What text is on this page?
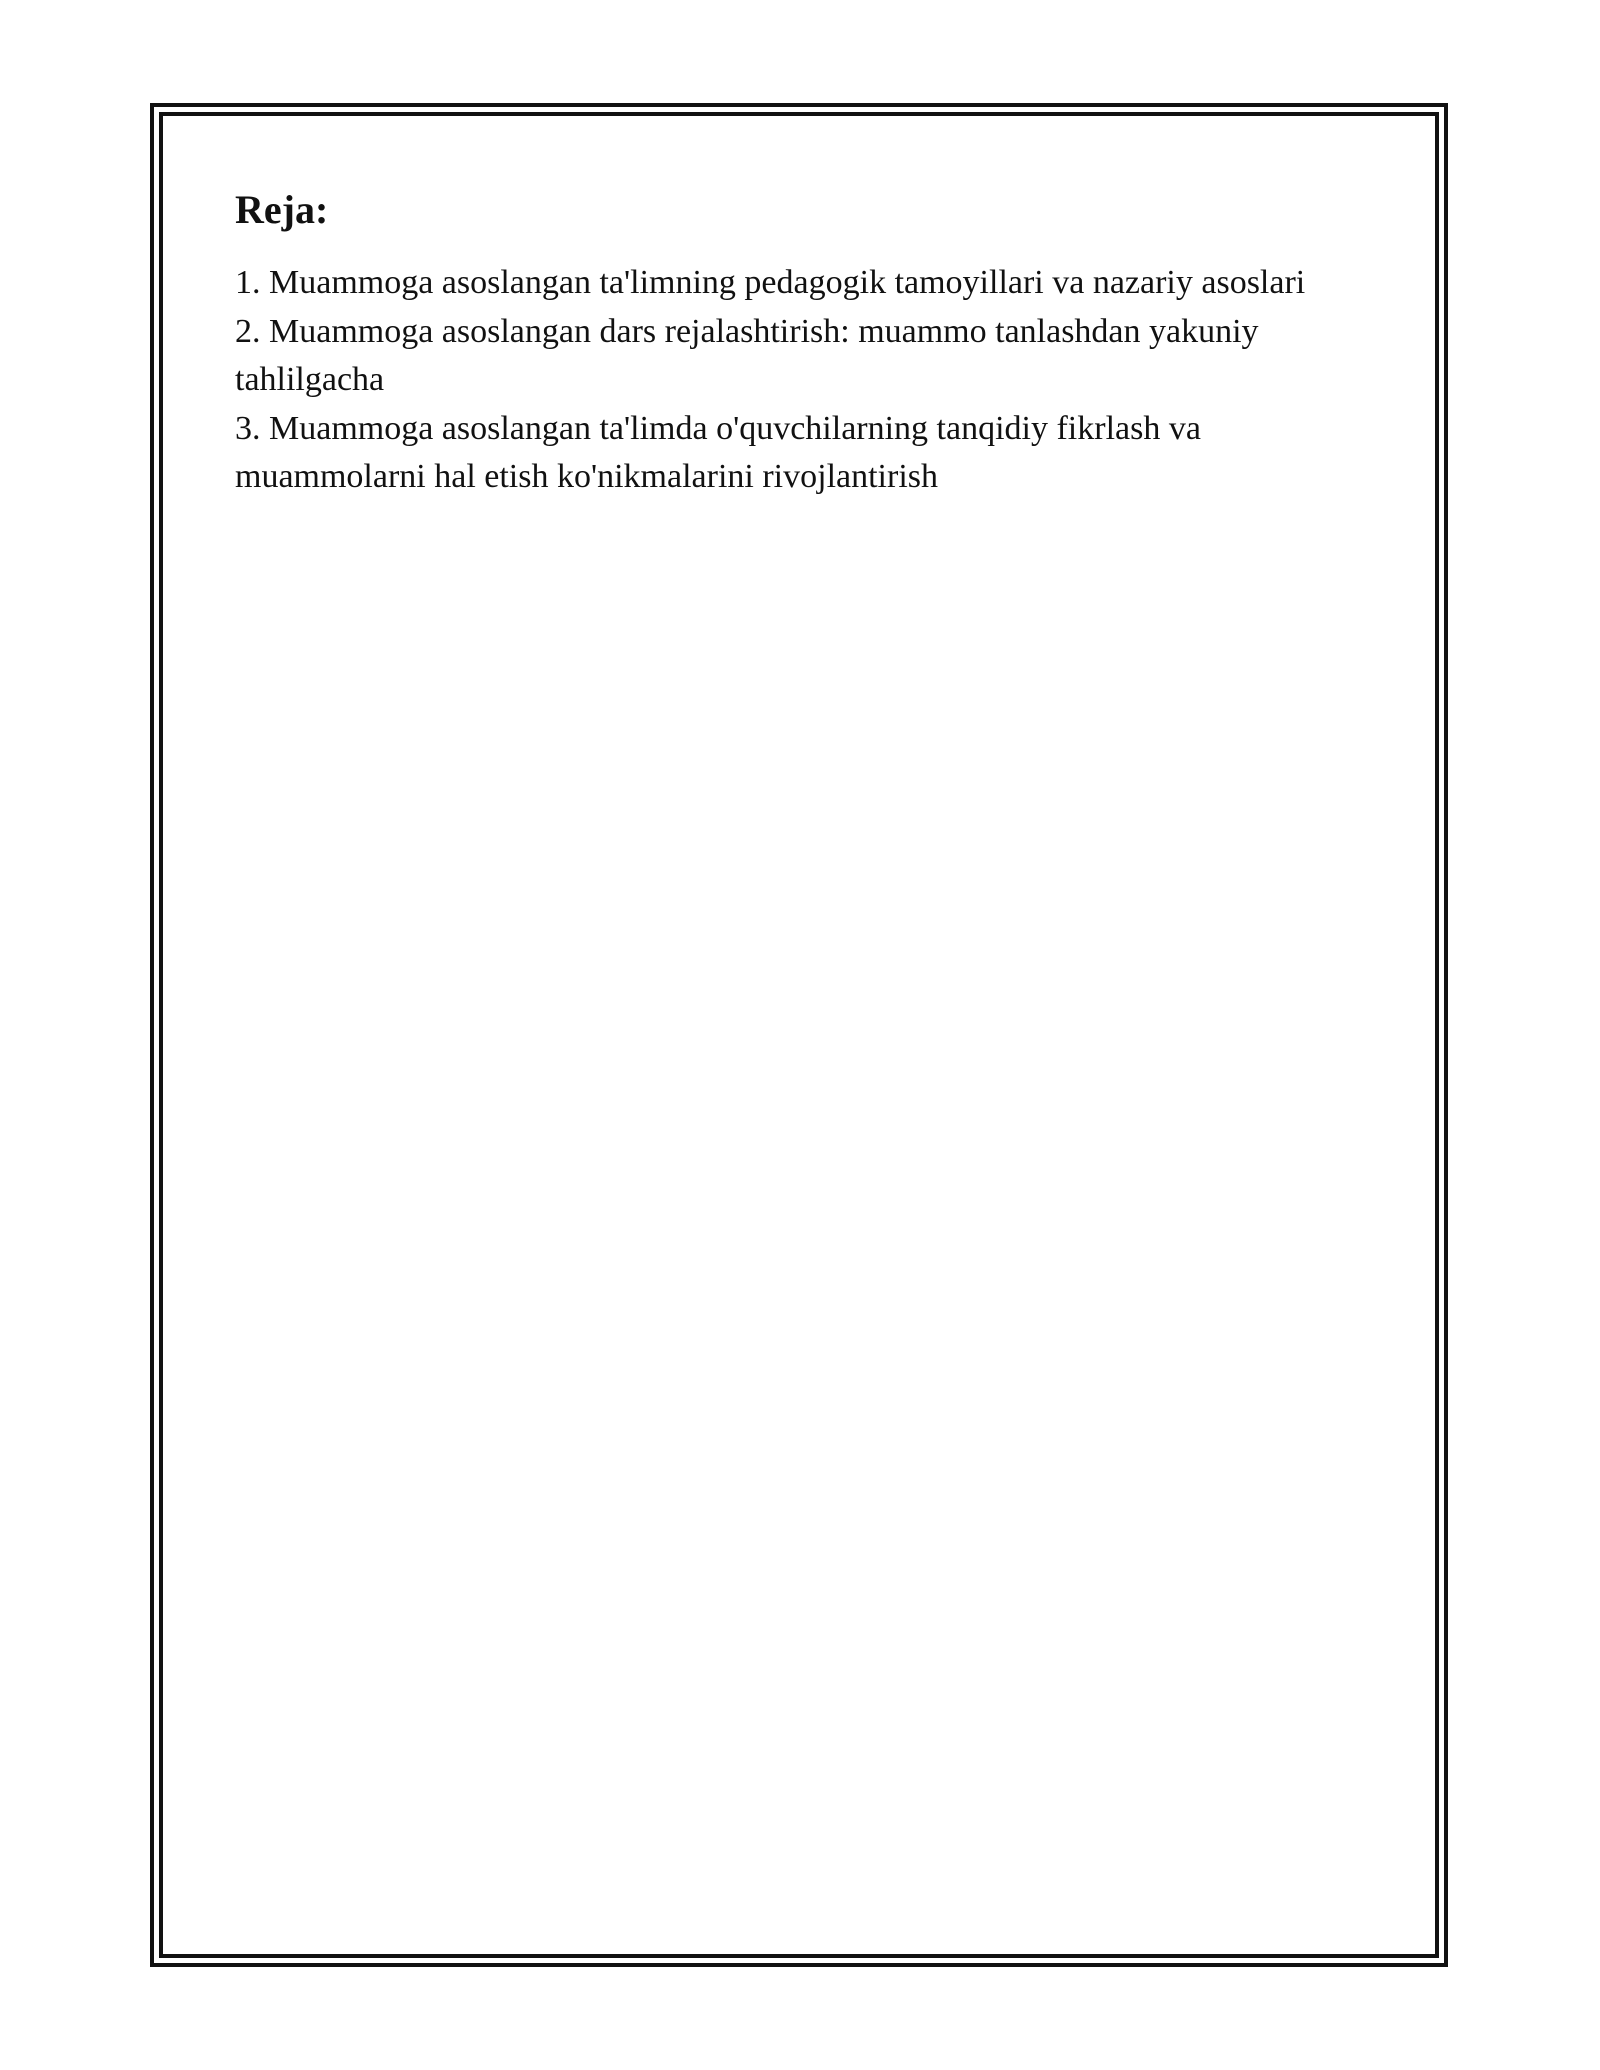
Reja:
1. Muammoga asoslangan ta'limning pedagogik tamoyillari va nazariy asoslari
2. Muammoga asoslangan dars rejalashtirish: muammo tanlashdan yakuniy tahlilgacha
3. Muammoga asoslangan ta'limda o'quvchilarning tanqidiy fikrlash va muammolarni hal etish ko'nikmalarini rivojlantirish
